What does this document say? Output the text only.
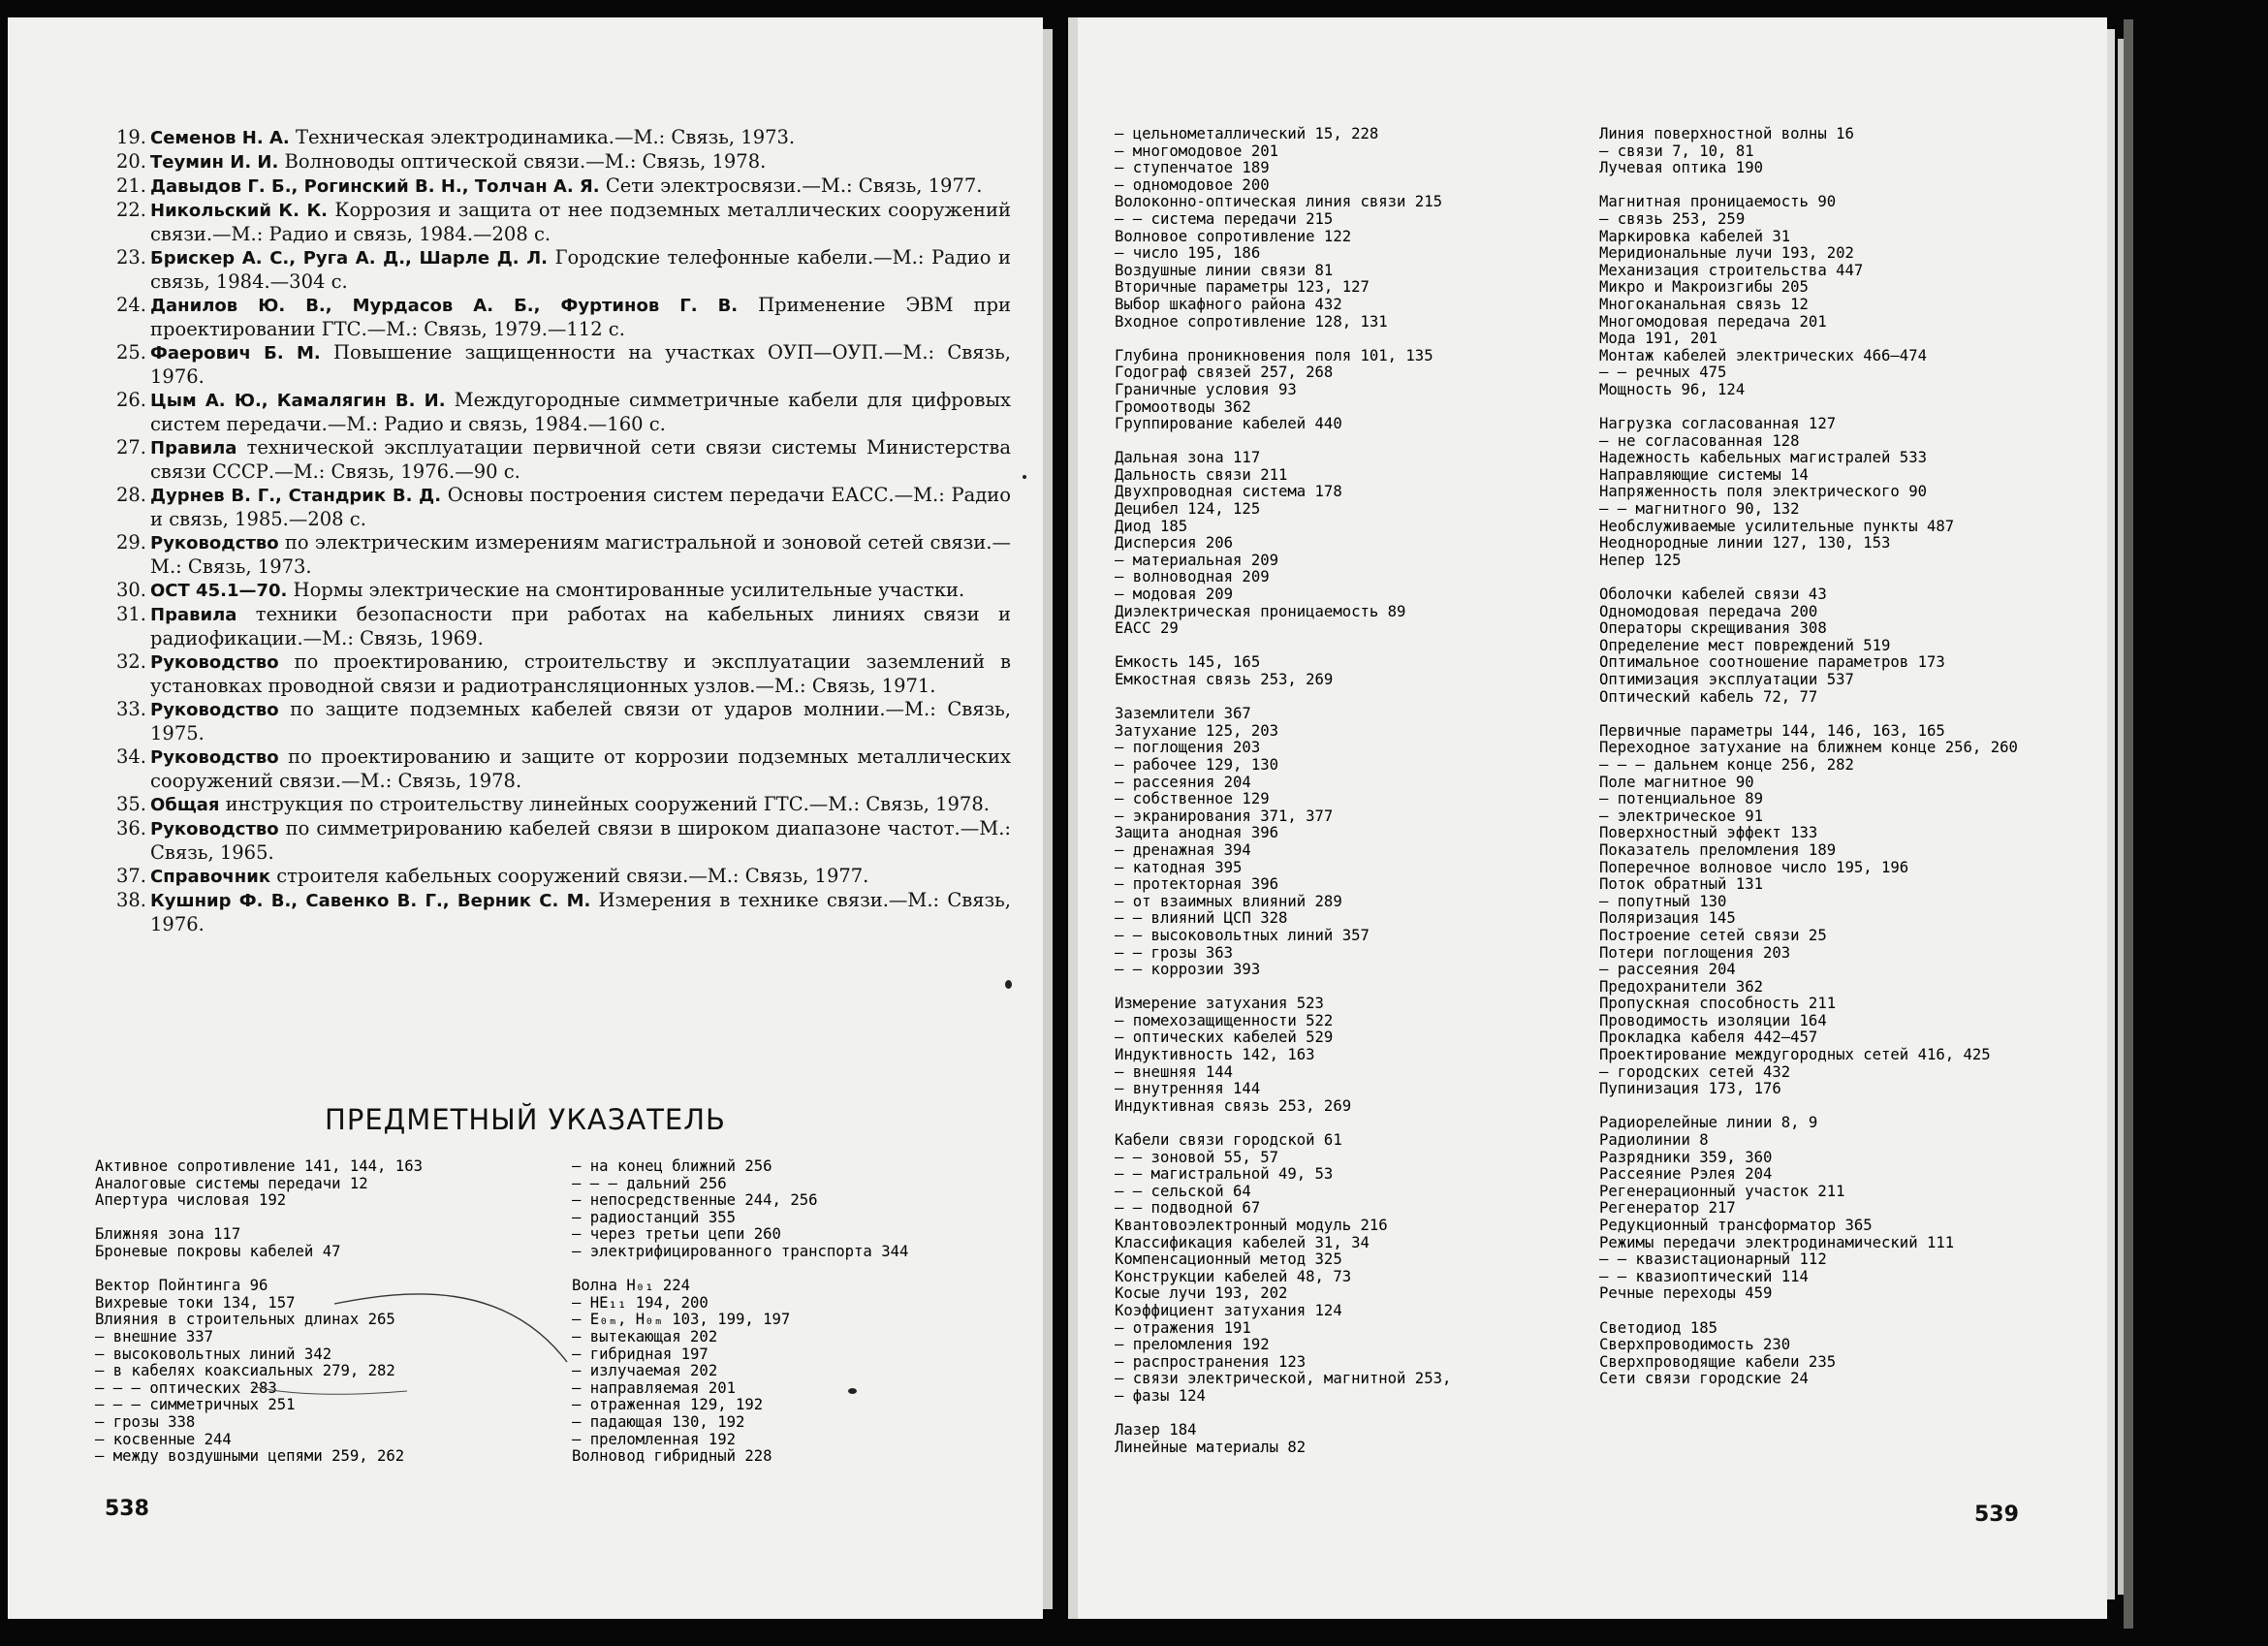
19. Семенов Н. А. Техническая электродинамика.—М.: Связь, 1973.
20. Теумин И. И. Волноводы оптической связи.—М.: Связь, 1978.
21. Давыдов Г. Б., Рогинский В. Н., Толчан А. Я. Сети электросвязи.—М.: Связь, 1977.
22. Никольский К. К. Коррозия и защита от нее подземных металлических сооружений связи.—М.: Радио и связь, 1984.—208 с.
23. Брискер А. С., Руга А. Д., Шарле Д. Л. Городские телефонные кабели.—М.: Радио и связь, 1984.—304 с.
24. Данилов Ю. В., Мурдасов А. Б., Фуртинов Г. В. Применение ЭВМ при проектировании ГТС.—М.: Связь, 1979.—112 с.
25. Фаерович Б. М. Повышение защищенности на участках ОУП—ОУП.—М.: Связь, 1976.
26. Цым А. Ю., Камалягин В. И. Междугородные симметричные кабели для цифровых систем передачи.—М.: Радио и связь, 1984.—160 с.
27. Правила технической эксплуатации первичной сети связи системы Министерства связи СССР.—М.: Связь, 1976.—90 с.
28. Дурнев В. Г., Стандрик В. Д. Основы построения систем передачи ЕАСС.—М.: Радио и связь, 1985.—208 с.
29. Руководство по электрическим измерениям магистральной и зоновой сетей связи.—М.: Связь, 1973.
30. ОСТ 45.1—70. Нормы электрические на смонтированные усилительные участки.
31. Правила техники безопасности при работах на кабельных линиях связи и радиофикации.—М.: Связь, 1969.
32. Руководство по проектированию, строительству и эксплуатации заземлений в установках проводной связи и радиотрансляционных узлов.—М.: Связь, 1971.
33. Руководство по защите подземных кабелей связи от ударов молнии.—М.: Связь, 1975.
34. Руководство по проектированию и защите от коррозии подземных металлических сооружений связи.—М.: Связь, 1978.
35. Общая инструкция по строительству линейных сооружений ГТС.—М.: Связь, 1978.
36. Руководство по симметрированию кабелей связи в широком диапазоне частот.—М.: Связь, 1965.
37. Справочник строителя кабельных сооружений связи.—М.: Связь, 1977.
38. Кушнир Ф. В., Савенко В. Г., Верник С. М. Измерения в технике связи.—М.: Связь, 1976.
ПРЕДМЕТНЫЙ УКАЗАТЕЛЬ
538
Активное сопротивление 141, 144, 163
Аналоговые системы передачи 12
Апертура числовая 192
Ближняя зона 117
Броневые покровы кабелей 47
Вектор Пойнтинга 96
Вихревые токи 134, 157
Влияния в строительных длинах 265
— внешние 337
— высоковольтных линий 342
— в кабелях коаксиальных 279, 282
— — — оптических 283
— — — симметричных 251
— грозы 338
— косвенные 244
— между воздушными цепями 259, 262
— на конец ближний 256
— — — дальний 256
— непосредственные 244, 256
— радиостанций 355
— через третьи цепи 260
— электрифицированного транспорта 344
Волна H₀₁ 224
— HE₁₁ 194, 200
— E₀ₘ, H₀ₘ 103, 199, 197
— вытекающая 202
— гибридная 197
— излучаемая 202
— направляемая 201
— отраженная 129, 192
— падающая 130, 192
— преломленная 192
Волновод гибридный 228
539
— цельнометаллический 15, 228
— многомодовое 201
— ступенчатое 189
— одномодовое 200
Волоконно-оптическая линия связи 215
— — система передачи 215
Волновое сопротивление 122
— число 195, 186
Воздушные линии связи 81
Вторичные параметры 123, 127
Выбор шкафного района 432
Входное сопротивление 128, 131
Глубина проникновения поля 101, 135
Годограф связей 257, 268
Граничные условия 93
Громоотводы 362
Группирование кабелей 440
Дальная зона 117
Дальность связи 211
Двухпроводная система 178
Децибел 124, 125
Диод 185
Дисперсия 206
— материальная 209
— волноводная 209
— модовая 209
Диэлектрическая проницаемость 89
ЕАСС 29
Емкость 145, 165
Емкостная связь 253, 269
Заземлители 367
Затухание 125, 203
— поглощения 203
— рабочее 129, 130
— рассеяния 204
— собственное 129
— экранирования 371, 377
Защита анодная 396
— дренажная 394
— катодная 395
— протекторная 396
— от взаимных влияний 289
— — влияний ЦСП 328
— — высоковольтных линий 357
— — грозы 363
— — коррозии 393
Измерение затухания 523
— помехозащищенности 522
— оптических кабелей 529
Индуктивность 142, 163
— внешняя 144
— внутренняя 144
Индуктивная связь 253, 269
Кабели связи городской 61
— — зоновой 55, 57
— — магистральной 49, 53
— — сельской 64
— — подводной 67
Квантовоэлектронный модуль 216
Классификация кабелей 31, 34
Компенсационный метод 325
Конструкции кабелей 48, 73
Косые лучи 193, 202
Коэффициент затухания 124
— отражения 191
— преломления 192
— распространения 123
— связи электрической, магнитной 253,
— фазы 124
Лазер 184
Линейные материалы 82
Линия поверхностной волны 16
— связи 7, 10, 81
Лучевая оптика 190
Магнитная проницаемость 90
— связь 253, 259
Маркировка кабелей 31
Меридиональные лучи 193, 202
Механизация строительства 447
Микро и Макроизгибы 205
Многоканальная связь 12
Многомодовая передача 201
Мода 191, 201
Монтаж кабелей электрических 466—474
— — речных 475
Мощность 96, 124
Нагрузка согласованная 127
— не согласованная 128
Надежность кабельных магистралей 533
Направляющие системы 14
Напряженность поля электрического 90
— — магнитного 90, 132
Необслуживаемые усилительные пункты 487
Неоднородные линии 127, 130, 153
Непер 125
Оболочки кабелей связи 43
Одномодовая передача 200
Операторы скрещивания 308
Определение мест повреждений 519
Оптимальное соотношение параметров 173
Оптимизация эксплуатации 537
Оптический кабель 72, 77
Первичные параметры 144, 146, 163, 165
Переходное затухание на ближнем конце 256, 260
— — — дальнем конце 256, 282
Поле магнитное 90
— потенциальное 89
— электрическое 91
Поверхностный эффект 133
Показатель преломления 189
Поперечное волновое число 195, 196
Поток обратный 131
— попутный 130
Поляризация 145
Построение сетей связи 25
Потери поглощения 203
— рассеяния 204
Предохранители 362
Пропускная способность 211
Проводимость изоляции 164
Прокладка кабеля 442—457
Проектирование междугородных сетей 416, 425
— городских сетей 432
Пупинизация 173, 176
Радиорелейные линии 8, 9
Радиолинии 8
Разрядники 359, 360
Рассеяние Рэлея 204
Регенерационный участок 211
Регенератор 217
Редукционный трансформатор 365
Режимы передачи электродинамический 111
— — квазистационарный 112
— — квазиоптический 114
Речные переходы 459
Светодиод 185
Сверхпроводимость 230
Сверхпроводящие кабели 235
Сети связи городские 24
